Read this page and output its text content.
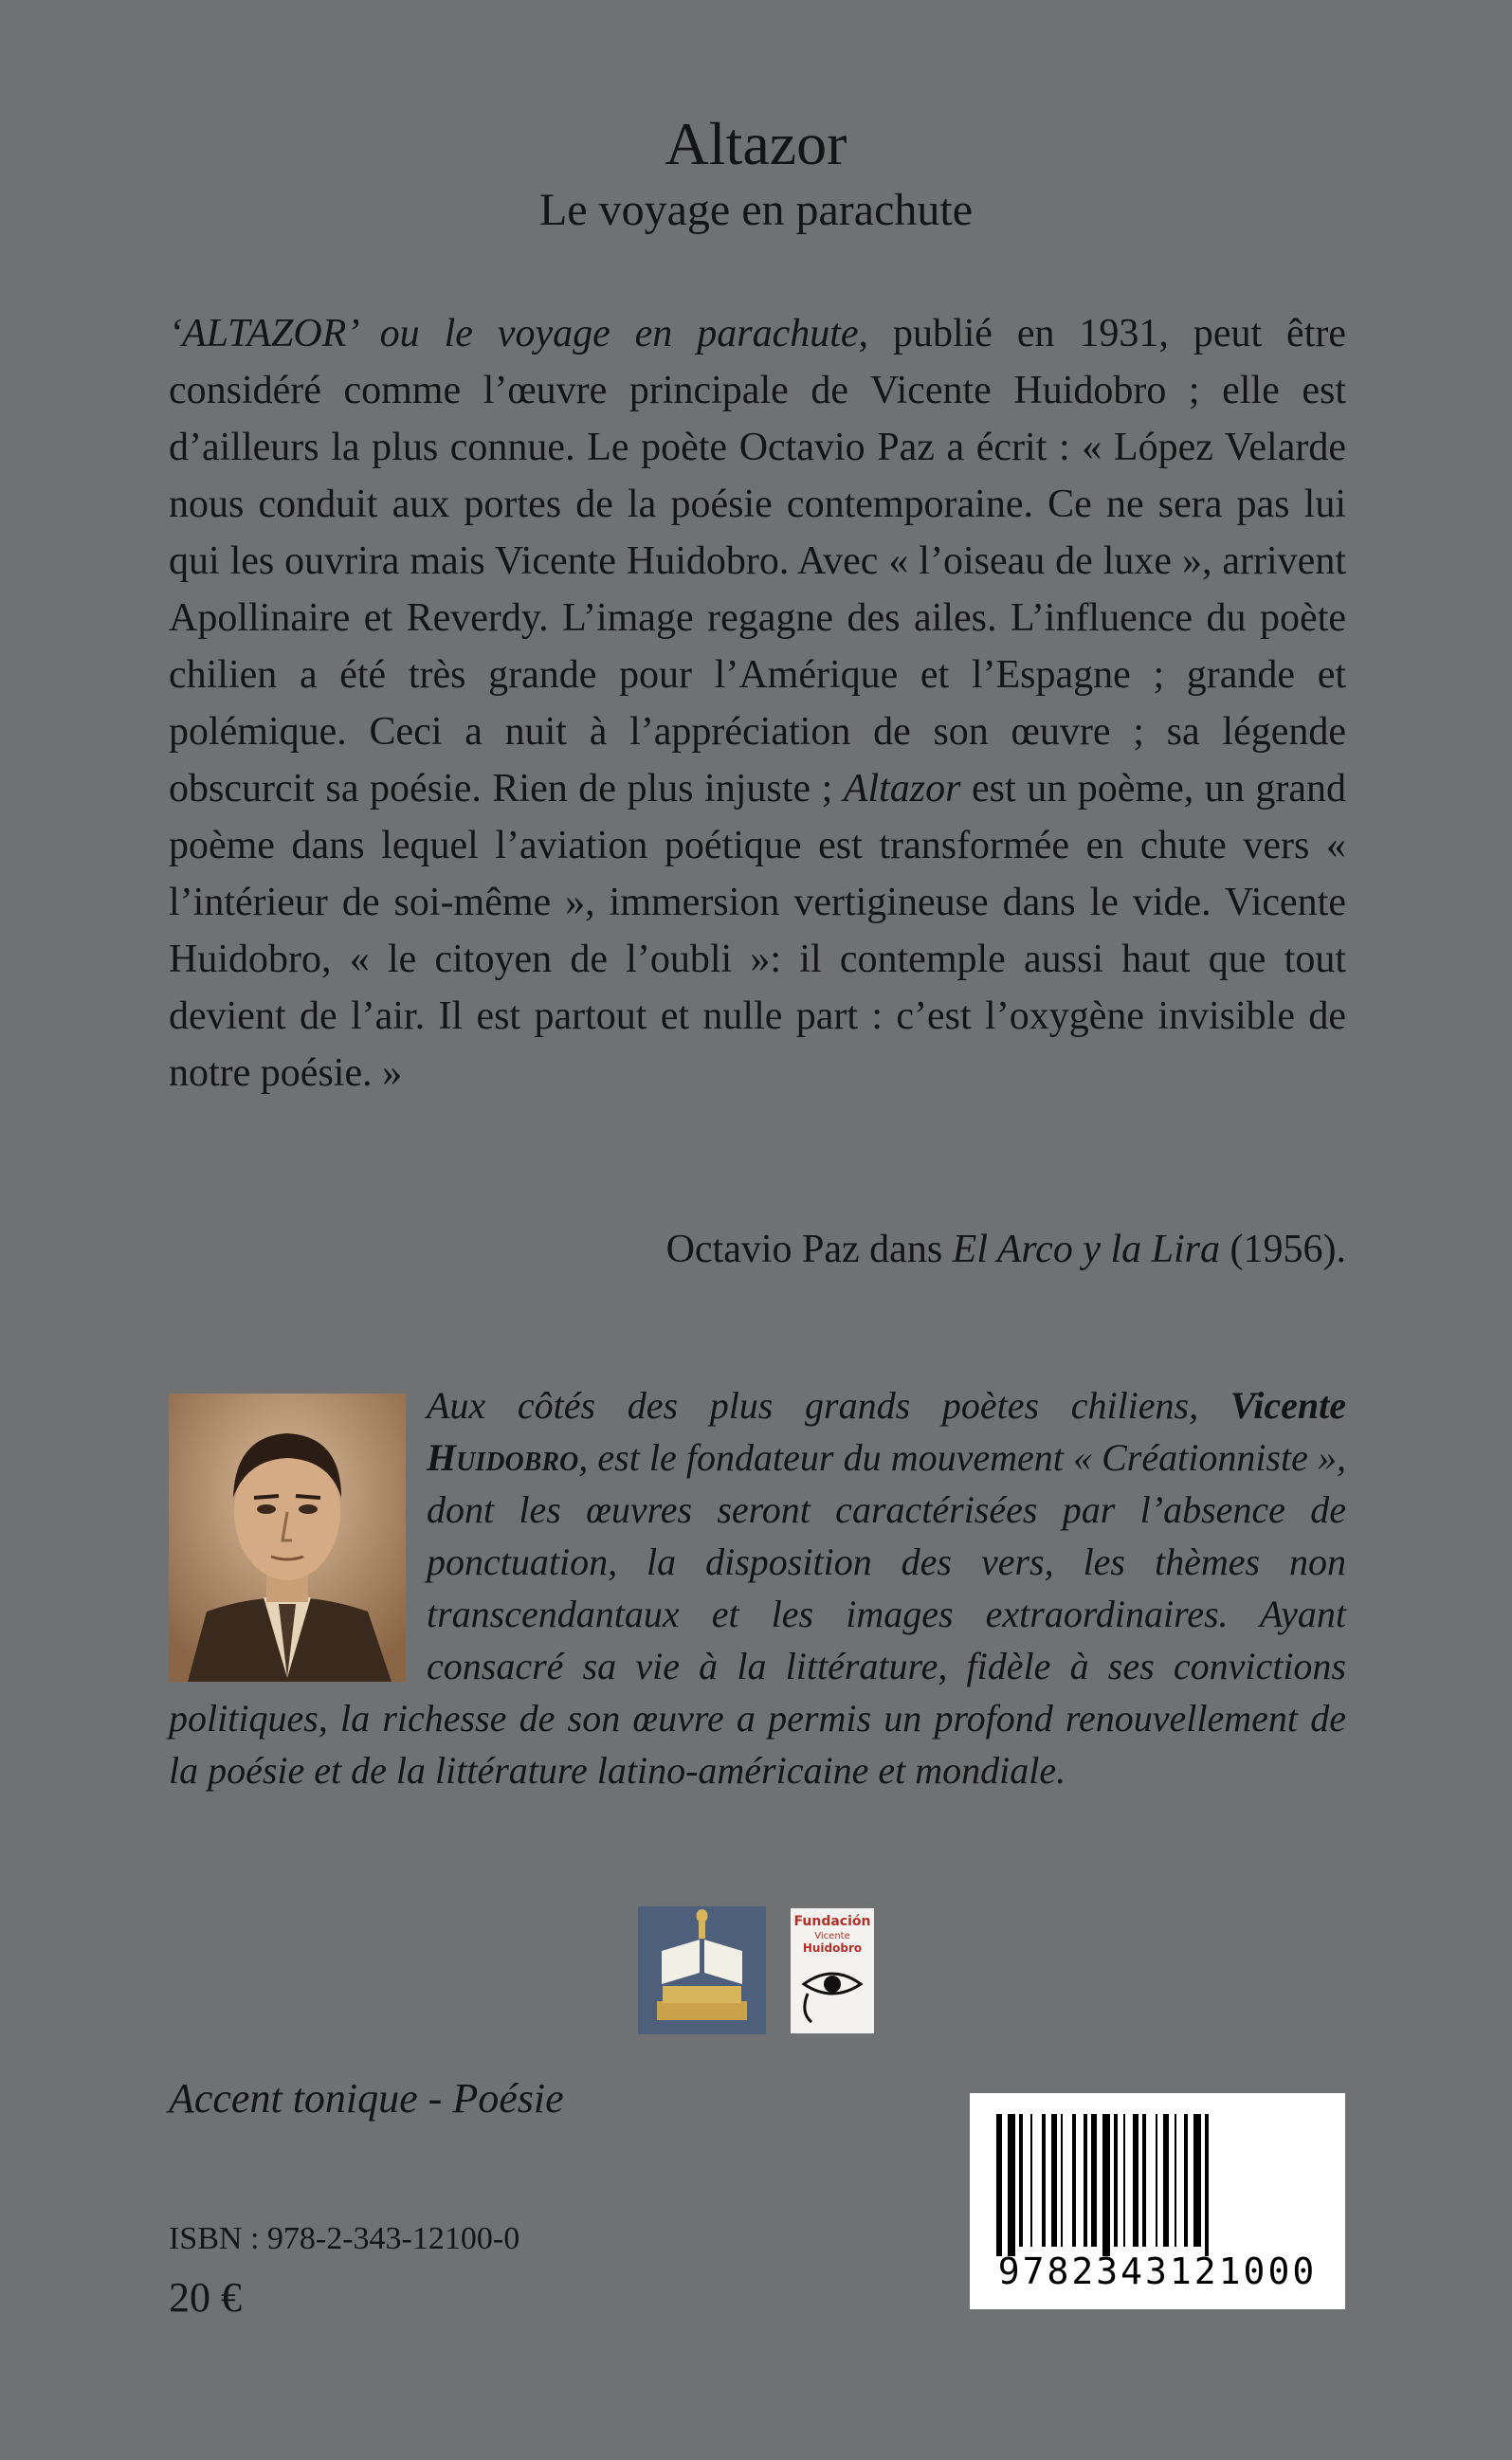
Altazor
Le voyage en parachute

‘ALTAZOR’ ou le voyage en parachute, publié en 1931, peut être considéré comme l’œuvre principale de Vicente Huidobro ; elle est d’ailleurs la plus connue. Le poète Octavio Paz a écrit : « López Velarde nous conduit aux portes de la poésie contemporaine. Ce ne sera pas lui qui les ouvrira mais Vicente Huidobro. Avec « l’oiseau de luxe », arrivent Apollinaire et Reverdy. L’image regagne des ailes. L’influence du poète chilien a été très grande pour l’Amérique et l’Espagne ; grande et polémique. Ceci a nuit à l’appréciation de son œuvre ; sa légende obscurcit sa poésie. Rien de plus injuste ; Altazor est un poème, un grand poème dans lequel l’aviation poétique est transformée en chute vers « l’intérieur de soi-même », immersion vertigineuse dans le vide. Vicente Huidobro, « le citoyen de l’oubli »: il contemple aussi haut que tout devient de l’air. Il est partout et nulle part : c’est l’oxygène invisible de notre poésie. »

Octavio Paz dans El Arco y la Lira (1956).

Aux côtés des plus grands poètes chiliens, Vicente Huidobro, est le fondateur du mouvement « Créationniste », dont les œuvres seront caractérisées par l’absence de ponctuation, la disposition des vers, les thèmes non transcendantaux et les images extraordinaires. Ayant consacré sa vie à la littérature, fidèle à ses convictions politiques, la richesse de son œuvre a permis un profond renouvellement de la poésie et de la littérature latino-américaine et mondiale.

Fundación
Vicente
Huidobro
Accent tonique - Poésie
ISBN : 978-2-343-12100-0
20 €
9782343121000
